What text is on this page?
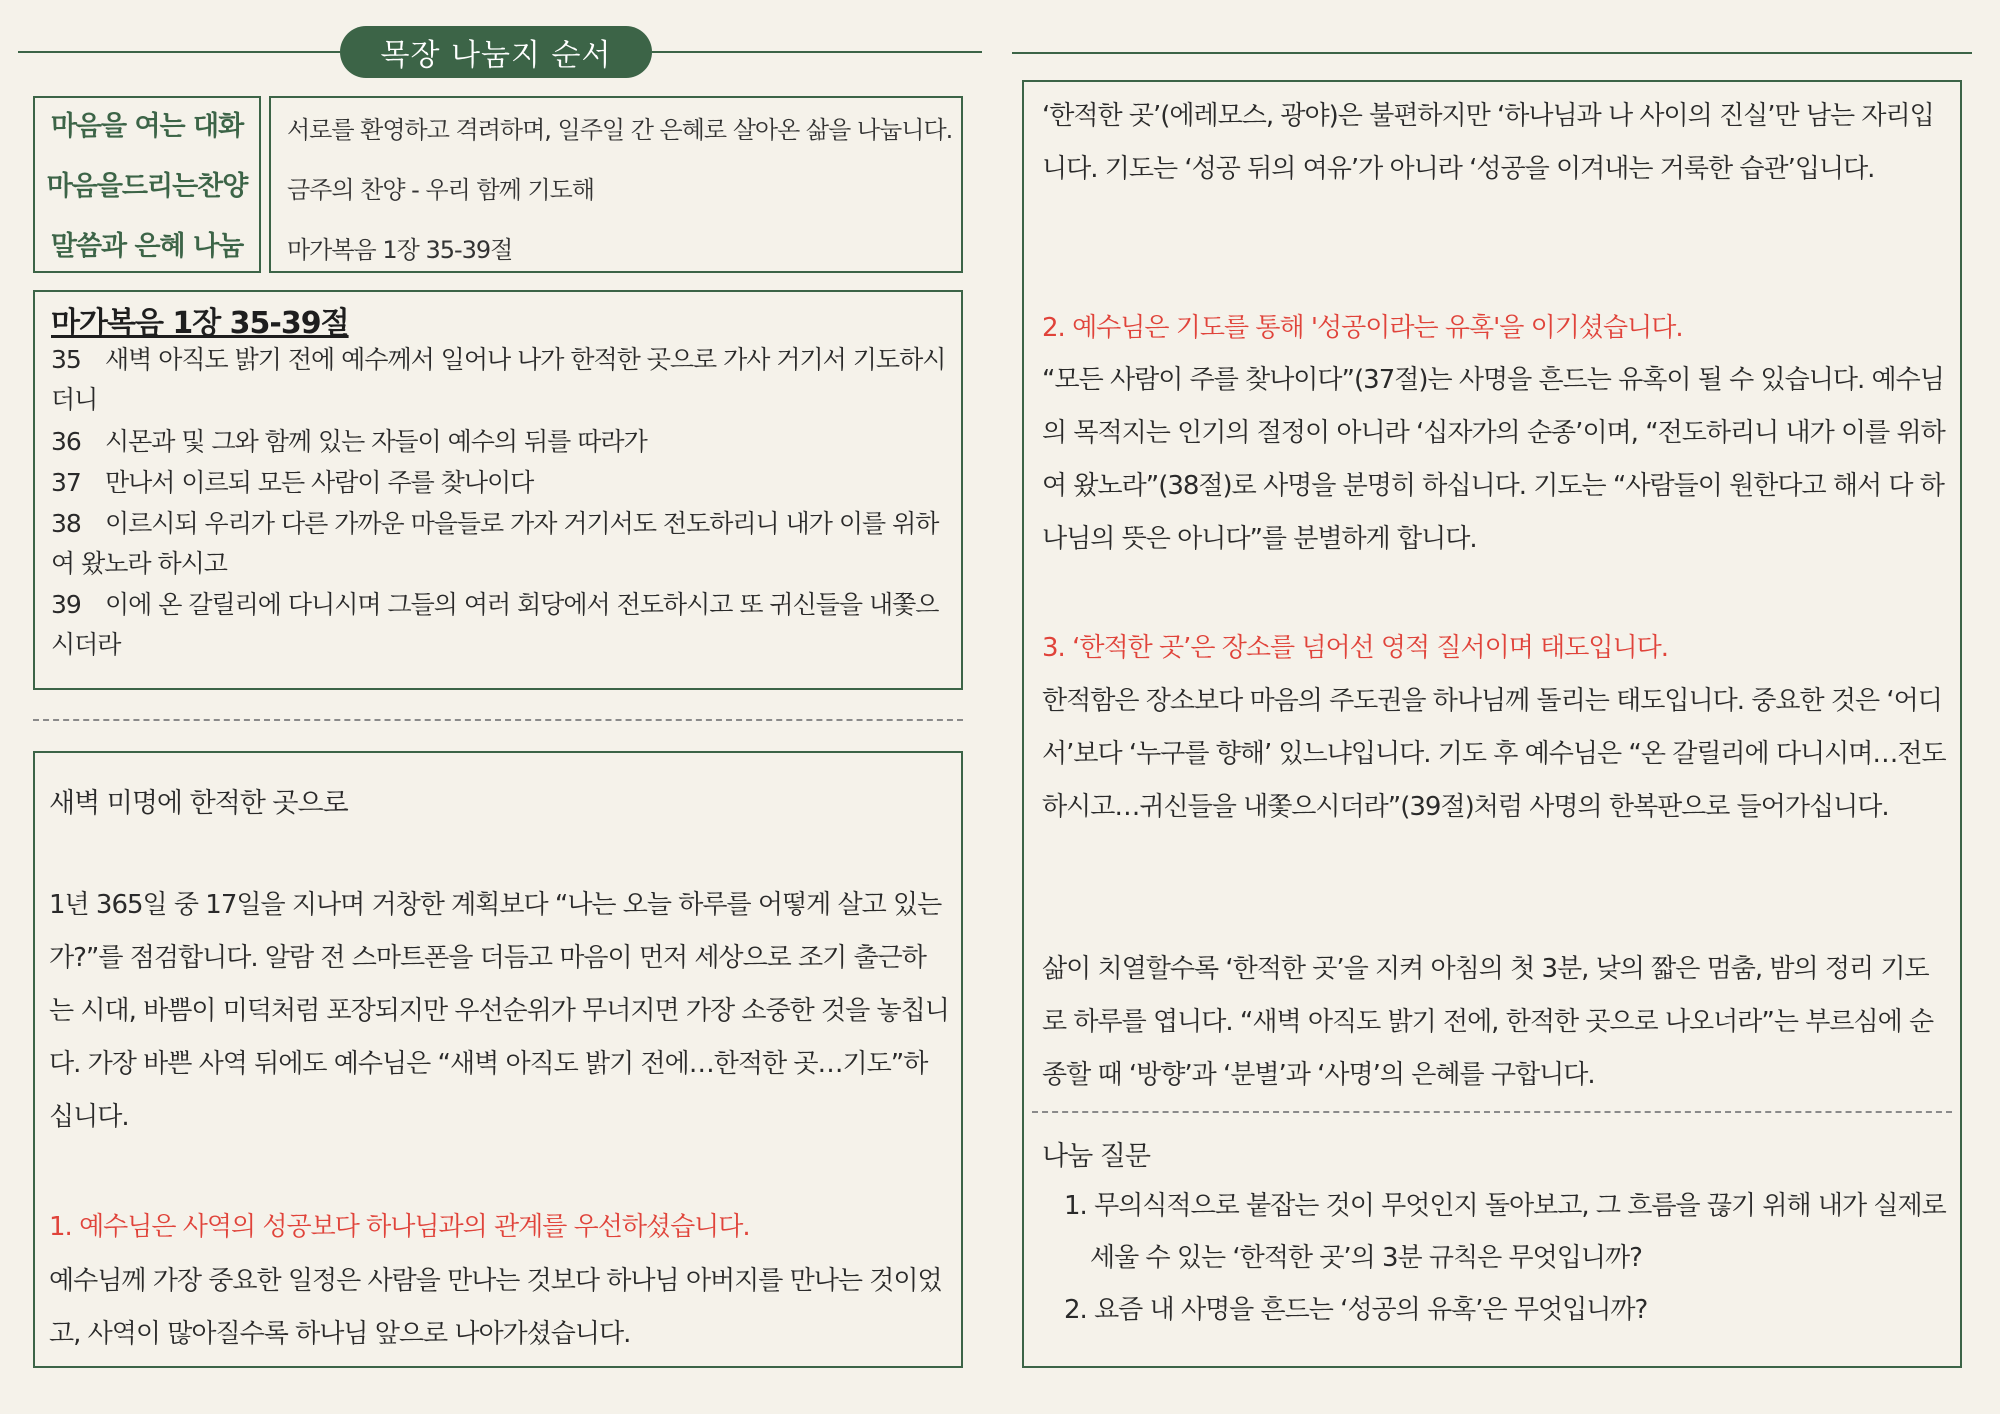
목장 나눔지 순서
마음을 여는 대화
마음을드리는찬양
말씀과 은혜 나눔
서로를 환영하고 격려하며, 일주일 간 은혜로 살아온 삶을 나눕니다.
금주의 찬양 - 우리 함께 기도해
마가복음 1장 35-39절
마가복음 1장 35-39절
35 새벽 아직도 밝기 전에 예수께서 일어나 나가 한적한 곳으로 가사 거기서 기도하시더니
36 시몬과 및 그와 함께 있는 자들이 예수의 뒤를 따라가
37 만나서 이르되 모든 사람이 주를 찾나이다
38 이르시되 우리가 다른 가까운 마을들로 가자 거기서도 전도하리니 내가 이를 위하여 왔노라 하시고
39 이에 온 갈릴리에 다니시며 그들의 여러 회당에서 전도하시고 또 귀신들을 내쫓으시더라
새벽 미명에 한적한 곳으로

1년 365일 중 17일을 지나며 거창한 계획보다 “나는 오늘 하루를 어떻게 살고 있는가?”를 점검합니다. 알람 전 스마트폰을 더듬고 마음이 먼저 세상으로 조기 출근하는 시대, 바쁨이 미덕처럼 포장되지만 우선순위가 무너지면 가장 소중한 것을 놓칩니다. 가장 바쁜 사역 뒤에도 예수님은 “새벽 아직도 밝기 전에…한적한 곳…기도”하십니다.

1. 예수님은 사역의 성공보다 하나님과의 관계를 우선하셨습니다.

예수님께 가장 중요한 일정은 사람을 만나는 것보다 하나님 아버지를 만나는 것이었고, 사역이 많아질수록 하나님 앞으로 나아가셨습니다.

‘한적한 곳’(에레모스, 광야)은 불편하지만 ‘하나님과 나 사이의 진실’만 남는 자리입니다. 기도는 ‘성공 뒤의 여유’가 아니라 ‘성공을 이겨내는 거룩한 습관’입니다.

2. 예수님은 기도를 통해 '성공이라는 유혹'을 이기셨습니다.

“모든 사람이 주를 찾나이다”(37절)는 사명을 흔드는 유혹이 될 수 있습니다. 예수님의 목적지는 인기의 절정이 아니라 ‘십자가의 순종’이며, “전도하리니 내가 이를 위하여 왔노라”(38절)로 사명을 분명히 하십니다. 기도는 “사람들이 원한다고 해서 다 하나님의 뜻은 아니다”를 분별하게 합니다.

3. ‘한적한 곳’은 장소를 넘어선 영적 질서이며 태도입니다.

한적함은 장소보다 마음의 주도권을 하나님께 돌리는 태도입니다. 중요한 것은 ‘어디서’보다 ‘누구를 향해’ 있느냐입니다. 기도 후 예수님은 “온 갈릴리에 다니시며…전도하시고…귀신들을 내쫓으시더라”(39절)처럼 사명의 한복판으로 들어가십니다.

삶이 치열할수록 ‘한적한 곳’을 지켜 아침의 첫 3분, 낮의 짧은 멈춤, 밤의 정리 기도로 하루를 엽니다. “새벽 아직도 밝기 전에, 한적한 곳으로 나오너라”는 부르심에 순종할 때 ‘방향’과 ‘분별’과 ‘사명’의 은혜를 구합니다.

나눔 질문

1. 무의식적으로 붙잡는 것이 무엇인지 돌아보고, 그 흐름을 끊기 위해 내가 실제로 세울 수 있는 ‘한적한 곳’의 3분 규칙은 무엇입니까?

2. 요즘 내 사명을 흔드는 ‘성공의 유혹’은 무엇입니까?
